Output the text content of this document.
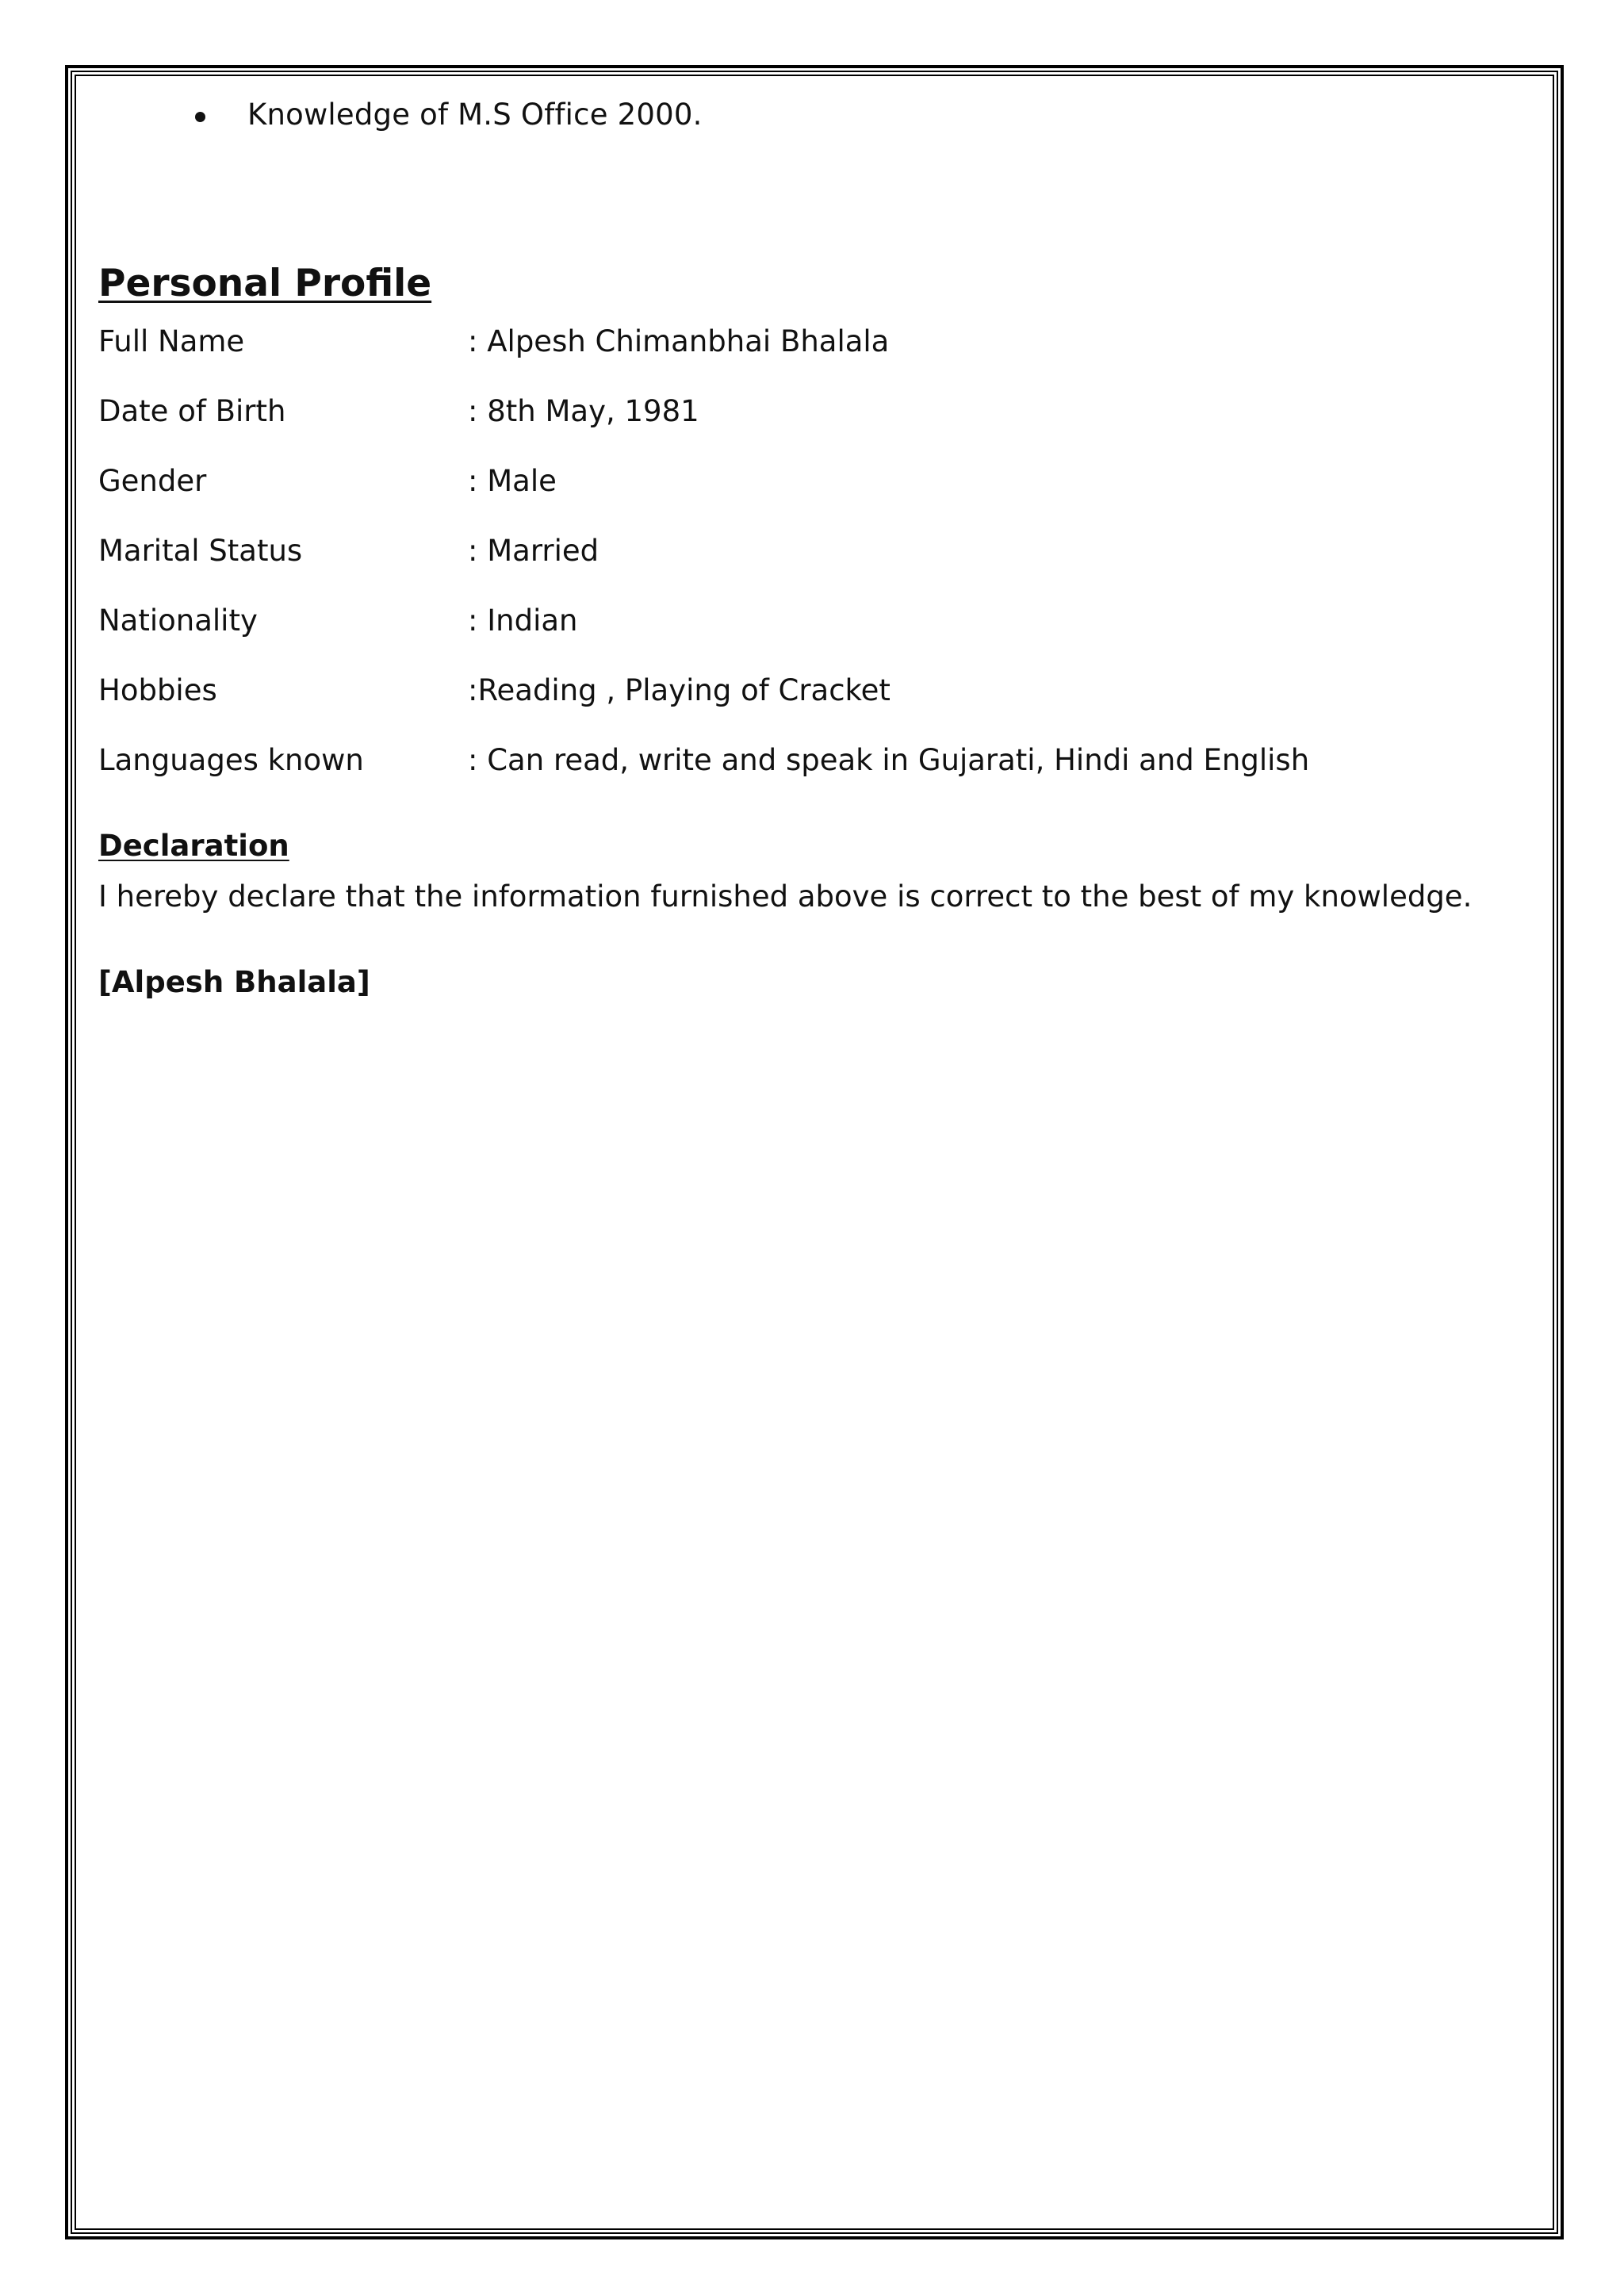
Knowledge of M.S Office 2000.
Personal Profile
Full Name	: Alpesh Chimanbhai Bhalala
Date of Birth	: 8th May, 1981
Gender	: Male
Marital Status	: Married
Nationality	: Indian
Hobbies	:Reading , Playing of Cracket
Languages known	: Can read, write and speak in Gujarati, Hindi and English
Declaration
I hereby declare that the information furnished above is correct to the best of my knowledge.
[Alpesh Bhalala]
